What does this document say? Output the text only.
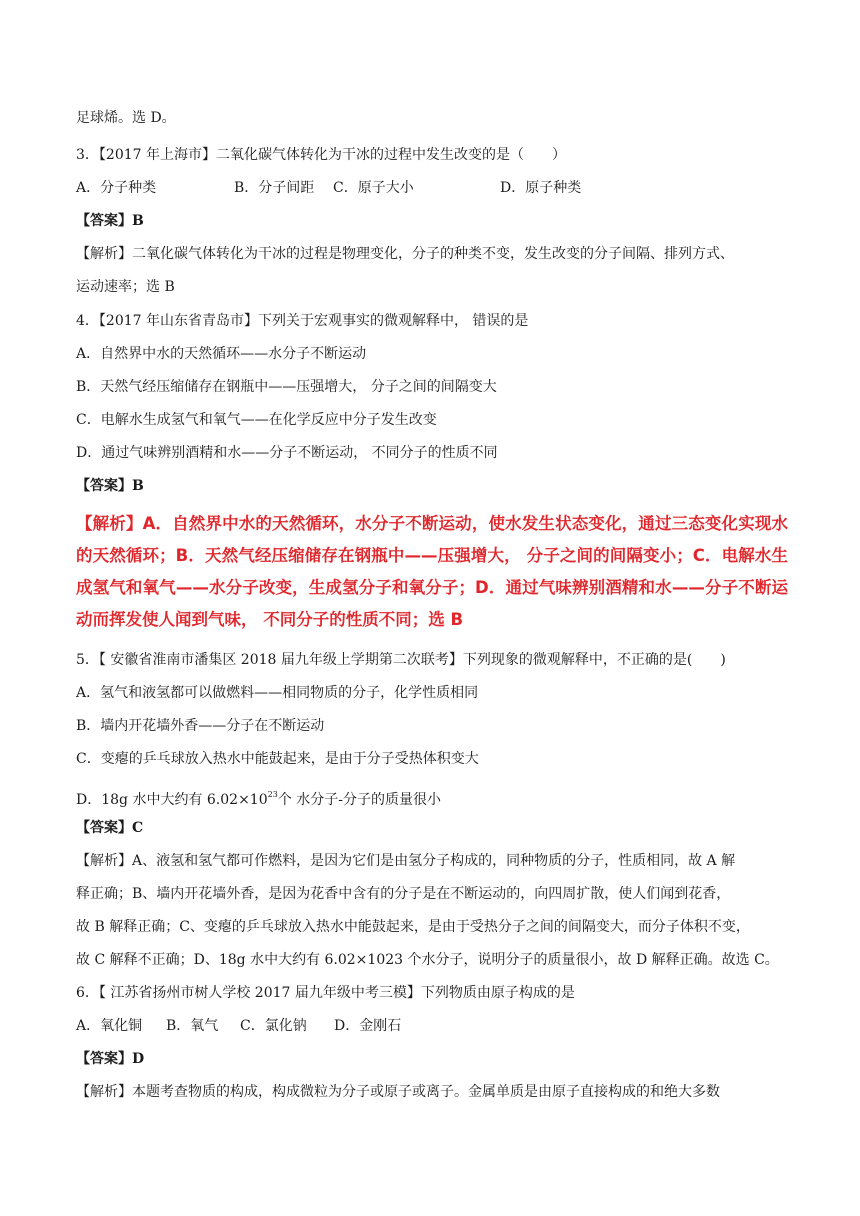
足球烯。选 D。
3．【2017 年上海市】二氧化碳气体转化为干冰的过程中发生改变的是（　　）
A．分子种类	B．分子间距 C．原子大小	D．原子种类
【答案】B
【解析】二氧化碳气体转化为干冰的过程是物理变化，分子的种类不变，发生改变的分子间隔、排列方式、
运动速率；选 B
4．【2017 年山东省青岛市】下列关于宏观事实的微观解释中， 错误的是
A．自然界中水的天然循环——水分子不断运动
B．天然气经压缩储存在钢瓶中——压强增大， 分子之间的间隔变大
C．电解水生成氢气和氧气——在化学反应中分子发生改变
D．通过气味辨别酒精和水——分子不断运动， 不同分子的性质不同
【答案】B
【解析】A．自然界中水的天然循环，水分子不断运动，使水发生状态变化，通过三态变化实现水的天然循环；B．天然气经压缩储存在钢瓶中——压强增大， 分子之间的间隔变小；C．电解水生成氢气和氧气——水分子改变，生成氢分子和氧分子；D．通过气味辨别酒精和水——分子不断运动而挥发使人闻到气味， 不同分子的性质不同；选 B
5．【 安徽省淮南市潘集区 2018 届九年级上学期第二次联考】下列现象的微观解释中，不正确的是(　　)
A．氢气和液氢都可以做燃料——相同物质的分子，化学性质相同
B．墙内开花墙外香——分子在不断运动
C．变瘪的乒乓球放入热水中能鼓起来，是由于分子受热体积变大
D．18g 水中大约有 $6.02\times 10^{23}$个 水分子-分子的质量很小
【答案】C
【解析】A、液氢和氢气都可作燃料，是因为它们是由氢分子构成的，同种物质的分子，性质相同，故 A 解
释正确；B、墙内开花墙外香，是因为花香中含有的分子是在不断运动的，向四周扩散，使人们闻到花香，
故 B 解释正确；C、变瘪的乒乓球放入热水中能鼓起来，是由于受热分子之间的间隔变大，而分子体积不变，
故 C 解释不正确；D、18g 水中大约有 6.02×1023 个水分子，说明分子的质量很小，故 D 解释正确。故选 C。
6．【 江苏省扬州市树人学校 2017 届九年级中考三模】下列物质由原子构成的是
A．氧化铜 B．氧气 C．氯化钠 D．金刚石
【答案】D
【解析】本题考查物质的构成，构成微粒为分子或原子或离子。金属单质是由原子直接构成的和绝大多数
